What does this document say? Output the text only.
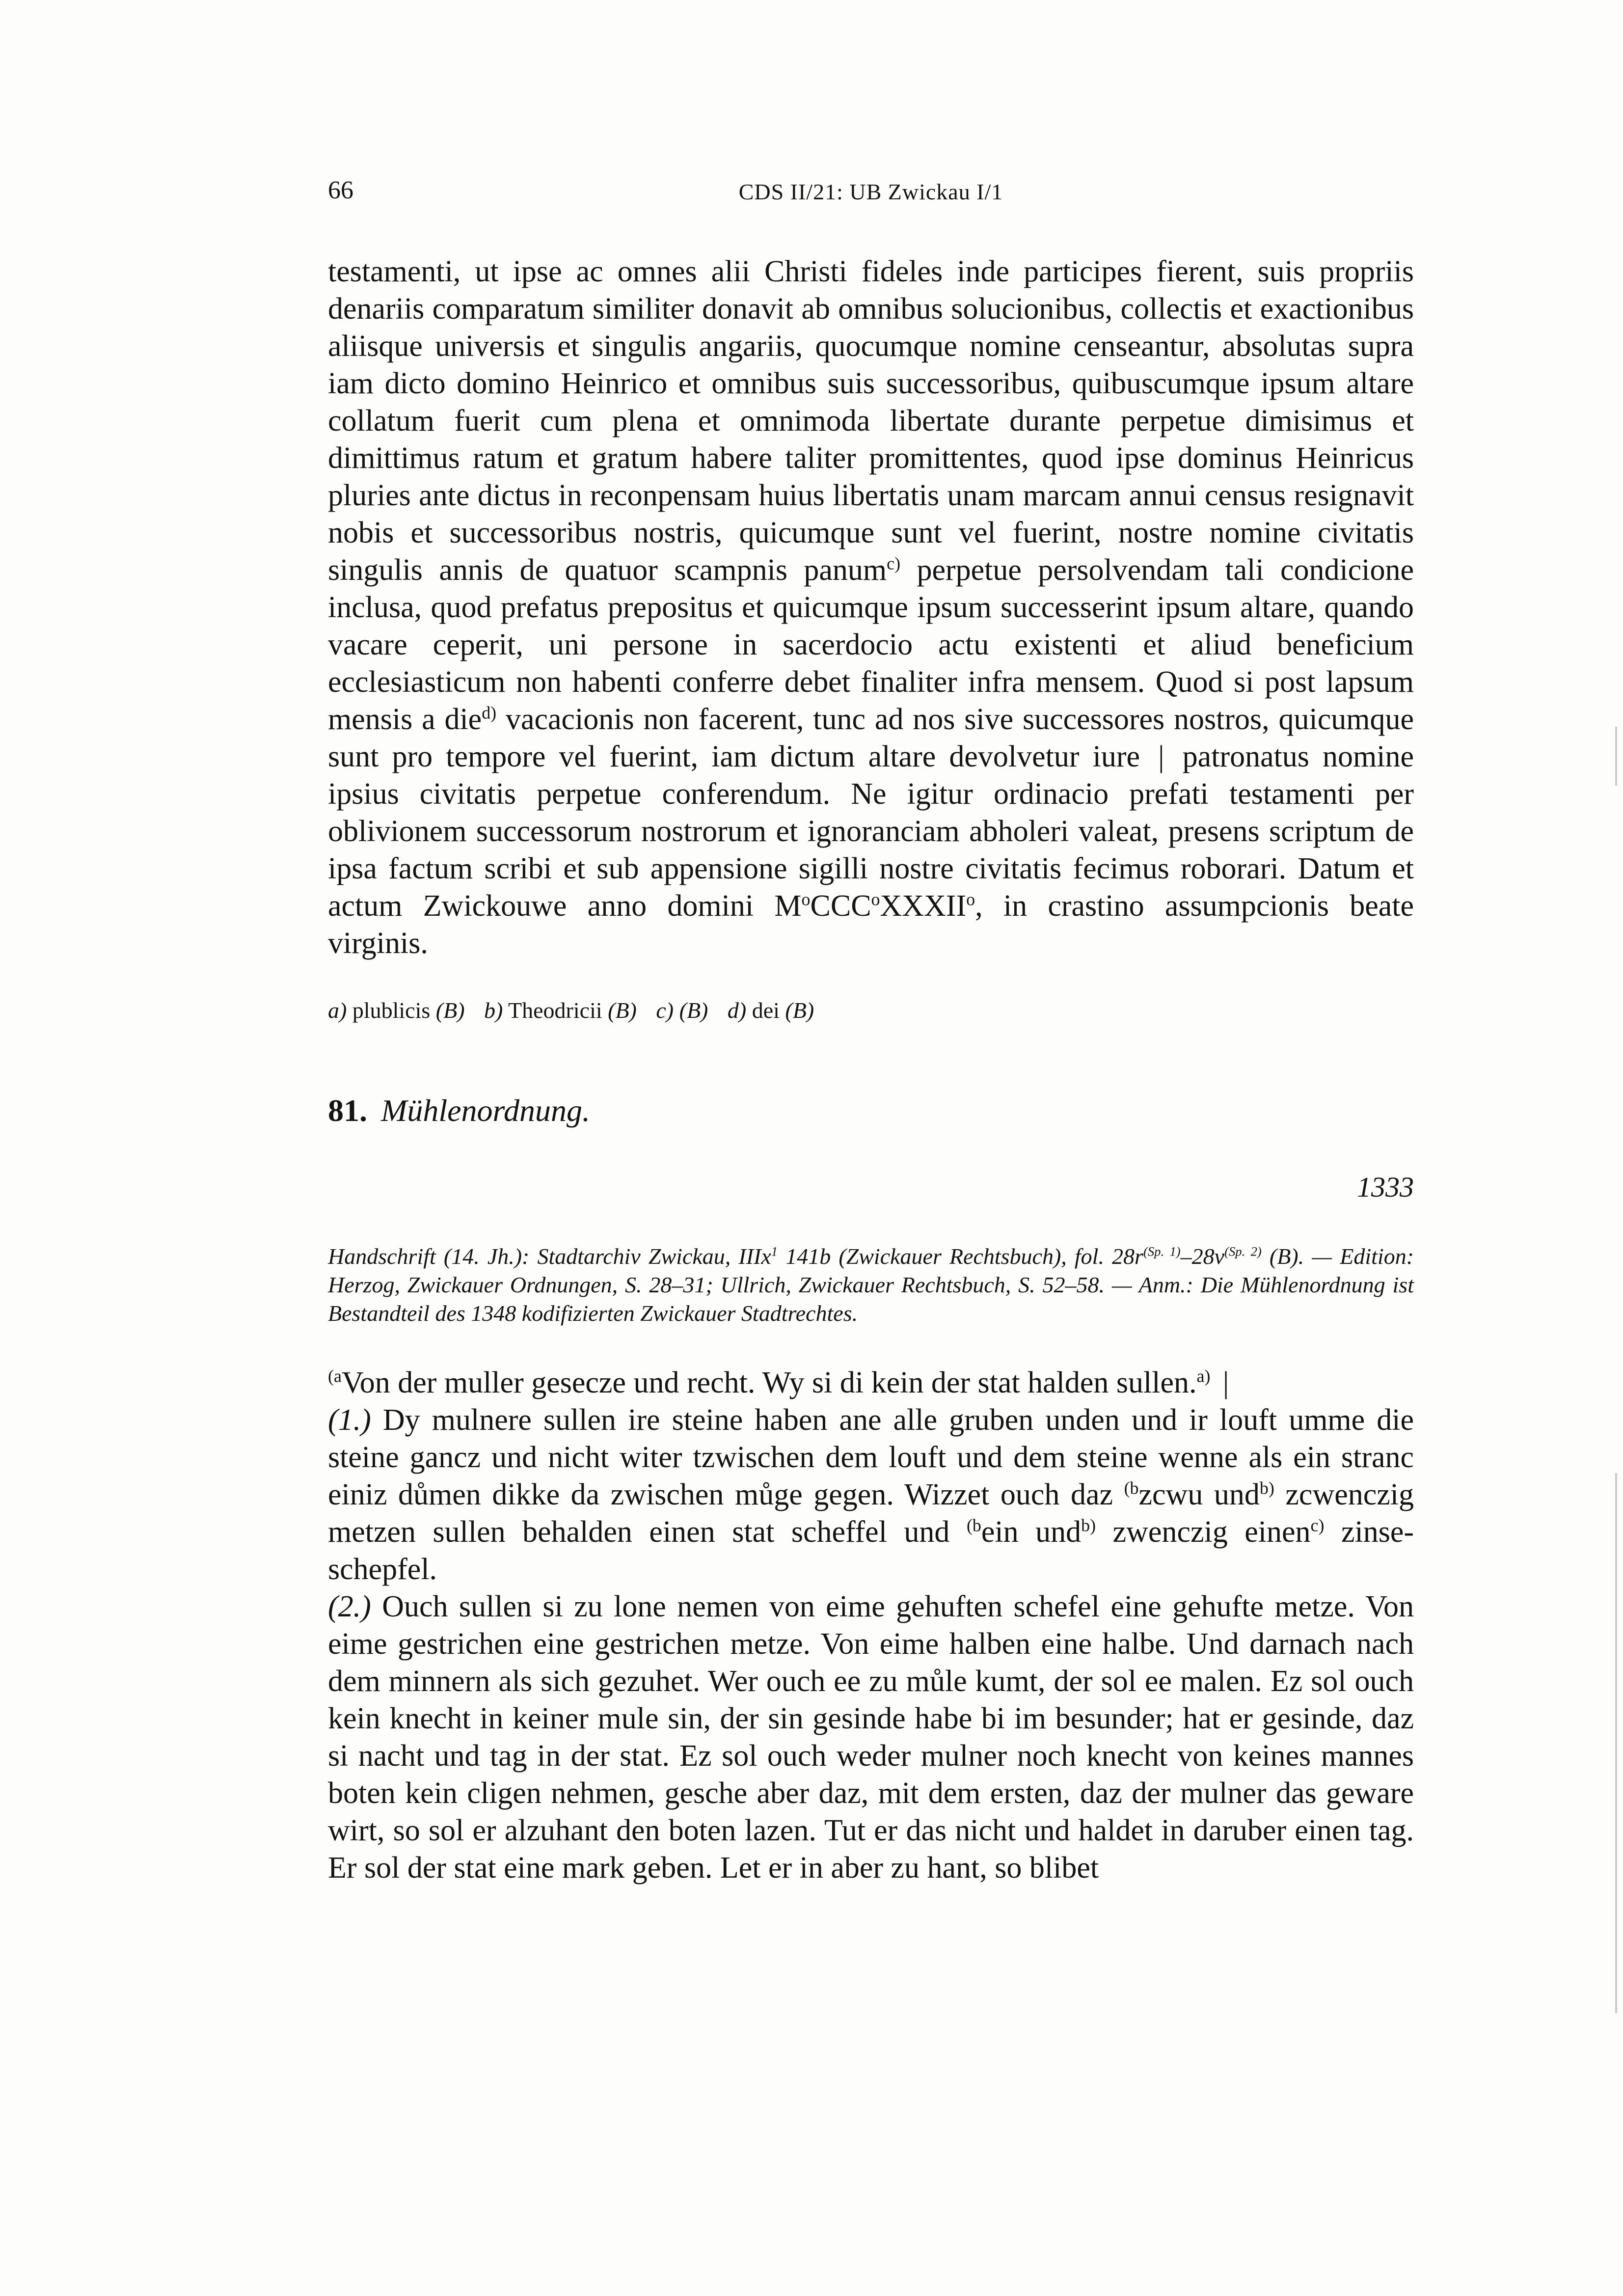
66	CDS II/21: UB Zwickau I/1
testamenti, ut ipse ac omnes alii Christi fideles inde participes fierent, suis propriis denariis comparatum similiter donavit ab omnibus solucionibus, collectis et exactionibus aliisque universis et singulis angariis, quocumque nomine censeantur, absolutas supra iam dicto domino Heinrico et omnibus suis successoribus, quibuscumque ipsum altare collatum fuerit cum plena et omnimoda libertate durante perpetue dimisimus et dimittimus ratum et gratum habere taliter promittentes, quod ipse dominus Heinricus pluries ante dictus in reconpensam huius libertatis unam marcam annui census resignavit nobis et successoribus nostris, quicumque sunt vel fuerint, nostre nomine civitatis singulis annis de quatuor scampnis panum$^{c)}$ perpetue persolvendam tali condicione inclusa, quod prefatus prepositus et quicumque ipsum successerint ipsum altare, quando vacare ceperit, uni persone in sacerdocio actu existenti et aliud beneficium ecclesiasticum non habenti conferre debet finaliter infra mensem. Quod si post lapsum mensis a die$^{d)}$ vacacionis non facerent, tunc ad nos sive successores nostros, quicumque sunt pro tempore vel fuerint, iam dictum altare devolvetur iure | patronatus nomine ipsius civitatis perpetue conferendum. Ne igitur ordinacio prefati testamenti per oblivionem successorum nostrorum et ignoranciam abholeri valeat, presens scriptum de ipsa factum scribi et sub appensione sigilli nostre civitatis fecimus roborari. Datum et actum Zwickouwe anno domini $M^oCCC^oXXXII^o$, in crastino assumpcionis beate virginis.
a) plublicis (B) b) Theodricii (B) c) (B) d) dei (B)
81. Mühlenordnung.
1333
Handschrift (14. Jh.): Stadtarchiv Zwickau, IIIx$^1$ 141b (Zwickauer Rechtsbuch), fol. $28r^{(Sp. 1)}-28v^{(Sp. 2)}$ (B). — Edition: Herzog, Zwickauer Ordnungen, S. 28–31; Ullrich, Zwickauer Rechtsbuch, S. 52–58. — Anm.: Die Mühlenordnung ist Bestandteil des 1348 kodifizierten Zwickauer Stadtrechtes.
$^{(a}$Von der muller gesecze und recht. Wy si di kein der stat halden sullen.$^{a)}$ |
(1.) Dy mulnere sullen ire steine haben ane alle gruben unden und ir louft umme die steine gancz und nicht witer tzwischen dem louft und dem steine wenne als ein stranc einiz důmen dikke da zwischen můge gegen. Wizzet ouch daz $^{(b}$zcwu und$^{b)}$ zcwenczig metzen sullen behalden einen stat scheffel und $^{(b}$ein und$^{b)}$ zwenczig einen$^{c)}$ zinse-schepfel.
(2.) Ouch sullen si zu lone nemen von eime gehuften schefel eine gehufte metze. Von eime gestrichen eine gestrichen metze. Von eime halben eine halbe. Und darnach nach dem minnern als sich gezuhet. Wer ouch ee zu můle kumt, der sol ee malen. Ez sol ouch kein knecht in keiner mule sin, der sin gesinde habe bi im besunder; hat er gesinde, daz si nacht und tag in der stat. Ez sol ouch weder mulner noch knecht von keines mannes boten kein cligen nehmen, gesche aber daz, mit dem ersten, daz der mulner das geware wirt, so sol er alzuhant den boten lazen. Tut er das nicht und haldet in daruber einen tag. Er sol der stat eine mark geben. Let er in aber zu hant, so blibet
